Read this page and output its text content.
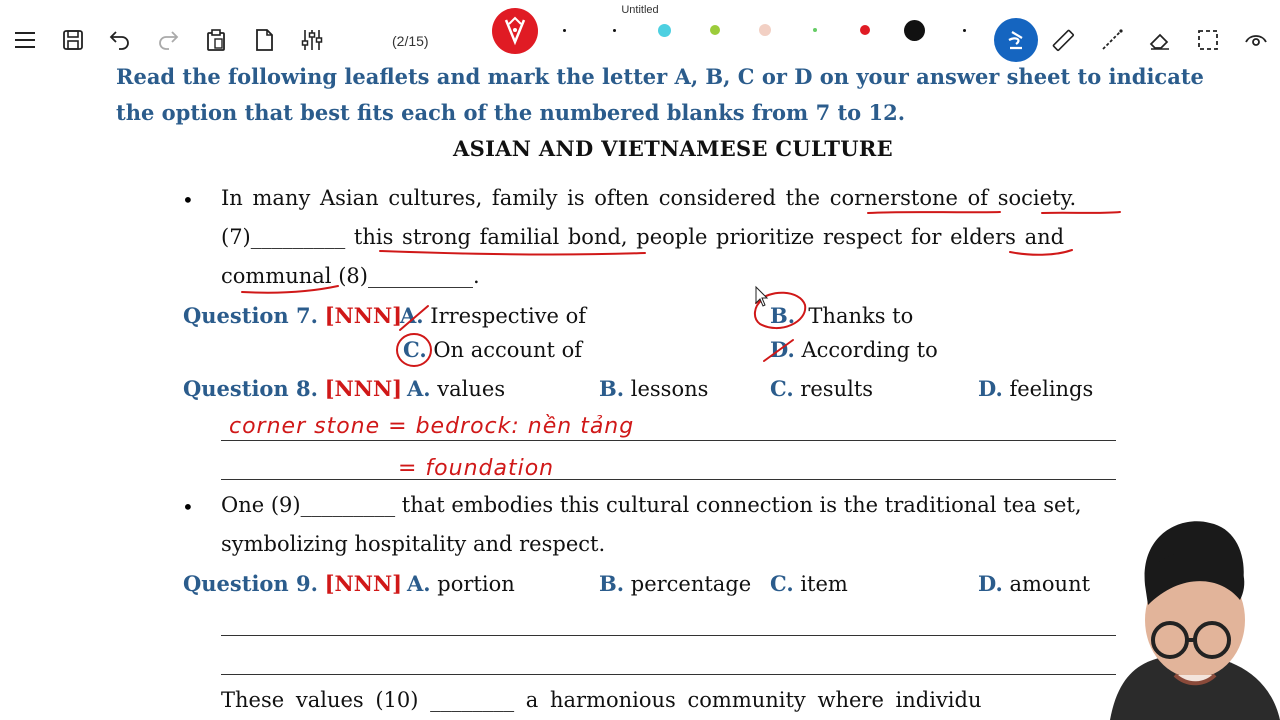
Untitled
(2/15)
Read the following leaflets and mark the letter A, B, C or D on your answer sheet to indicate
the option that best fits each of the numbered blanks from 7 to 12.
ASIAN AND VIETNAMESE CULTURE
• In many Asian cultures, family is often considered the cornerstone of society.
(7)_________ this strong familial bond, people prioritize respect for elders and
communal (8)__________.
Question 7. [NNN]
A. Irrespective of	B. Thanks to
C. On account of	D. According to
Question 8. [NNN] A. values	B. lessons	C. results	D. feelings
corner stone = bedrock: nền tảng
= foundation
• One (9)_________ that embodies this cultural connection is the traditional tea set,
symbolizing hospitality and respect.
Question 9. [NNN] A. portion	B. percentage C. item	D. amount
These values (10) ________ a harmonious community where individu
